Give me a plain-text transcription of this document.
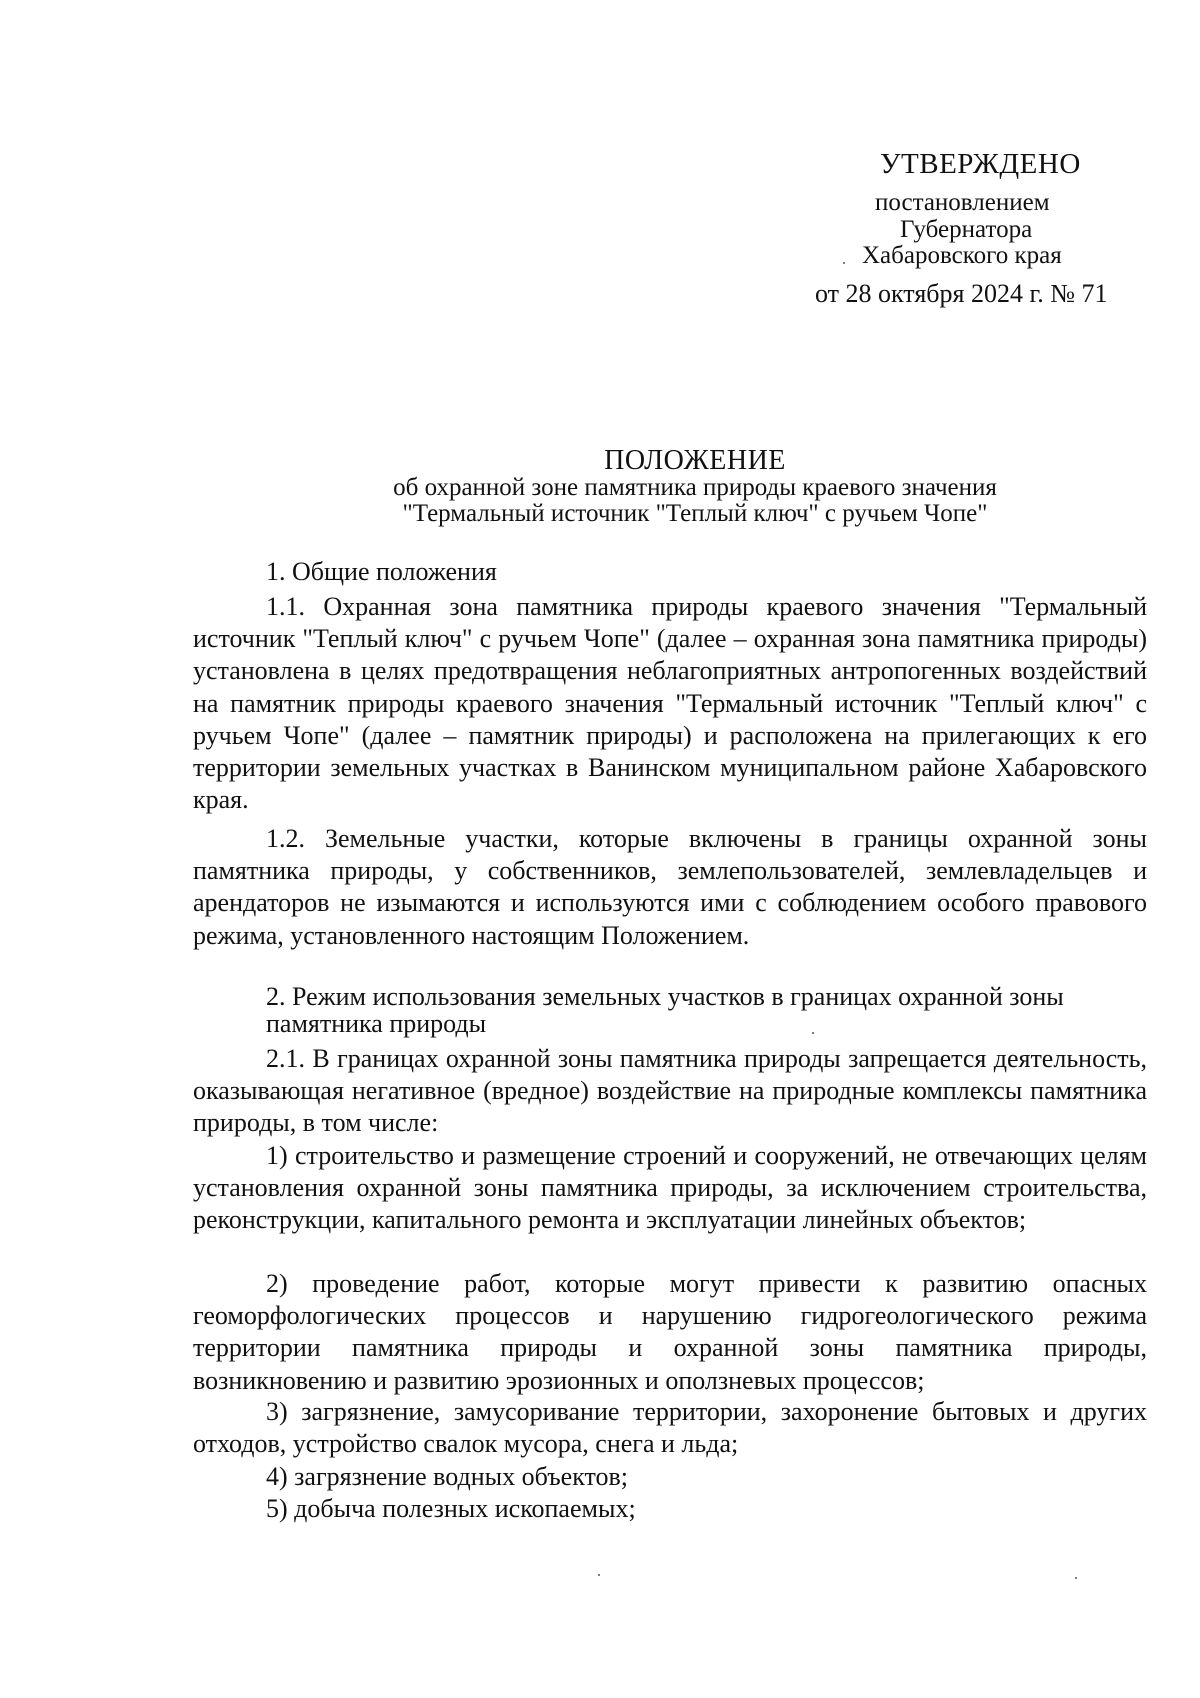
УТВЕРЖДЕНО
постановлением
Губернатора
Хабаровского края
от 28 октября 2024 г. № 71
ПОЛОЖЕНИЕ
об охранной зоне памятника природы краевого значения
"Термальный источник "Теплый ключ" с ручьем Чопе"
1. Общие положения
1.1. Охранная зона памятника природы краевого значения "Термальный источник "Теплый ключ" с ручьем Чопе" (далее – охранная зона памятника природы) установлена в целях предотвращения неблагоприятных антропогенных воздействий на памятник природы краевого значения "Термальный источник "Теплый ключ" с ручьем Чопе" (далее – памятник природы) и расположена на прилегающих к его территории земельных участках в Ванинском муниципальном районе Хабаровского края.
1.2. Земельные участки, которые включены в границы охранной зоны памятника природы, у собственников, землепользователей, землевладельцев и арендаторов не изымаются и используются ими с соблюдением особого правового режима, установленного настоящим Положением.
2. Режим использования земельных участков в границах охранной зоны памятника природы
2.1. В границах охранной зоны памятника природы запрещается деятельность, оказывающая негативное (вредное) воздействие на природные комплексы памятника природы, в том числе:
1) строительство и размещение строений и сооружений, не отвечающих целям установления охранной зоны памятника природы, за исключением строительства, реконструкции, капитального ремонта и эксплуатации линейных объектов;
2) проведение работ, которые могут привести к развитию опасных геоморфологических процессов и нарушению гидрогеологического режима территории памятника природы и охранной зоны памятника природы, возникновению и развитию эрозионных и оползневых процессов;
3) загрязнение, замусоривание территории, захоронение бытовых и других отходов, устройство свалок мусора, снега и льда;
4) загрязнение водных объектов;
5) добыча полезных ископаемых;
